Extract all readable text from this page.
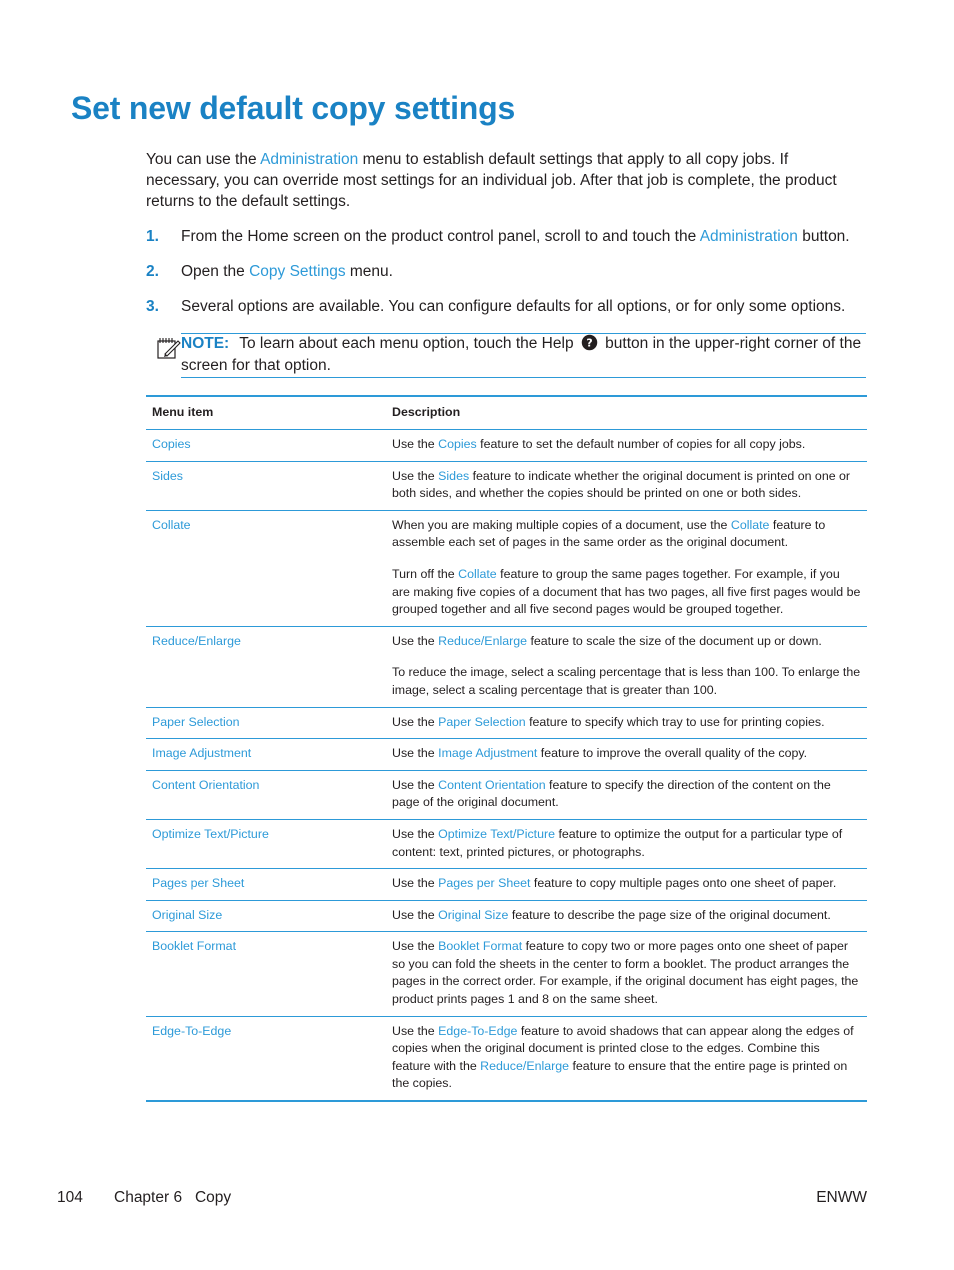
Set new default copy settings

You can use the Administration menu to establish default settings that apply to all copy jobs. If necessary, you can override most settings for an individual job. After that job is complete, the product returns to the default settings.

1. From the Home screen on the product control panel, scroll to and touch the Administration button.
2. Open the Copy Settings menu.
3. Several options are available. You can configure defaults for all options, or for only some options.
NOTE: To learn about each menu option, touch the Help ? button in the upper-right corner of the screen for that option.
Menu item	Description
Copies	Use the Copies feature to set the default number of copies for all copy jobs.

Sides	Use the Sides feature to indicate whether the original document is printed on one or both sides, and whether the copies should be printed on one or both sides.

Collate	When you are making multiple copies of a document, use the Collate feature to assemble each set of pages in the same order as the original document.
Turn off the Collate feature to group the same pages together. For example, if you are making five copies of a document that has two pages, all five first pages would be grouped together and all five second pages would be grouped together.

Reduce/Enlarge	Use the Reduce/Enlarge feature to scale the size of the document up or down.
To reduce the image, select a scaling percentage that is less than 100. To enlarge the image, select a scaling percentage that is greater than 100.

Paper Selection	Use the Paper Selection feature to specify which tray to use for printing copies.

Image Adjustment	Use the Image Adjustment feature to improve the overall quality of the copy.

Content Orientation	Use the Content Orientation feature to specify the direction of the content on the page of the original document.

Optimize Text/Picture	Use the Optimize Text/Picture feature to optimize the output for a particular type of content: text, printed pictures, or photographs.

Pages per Sheet	Use the Pages per Sheet feature to copy multiple pages onto one sheet of paper.

Original Size	Use the Original Size feature to describe the page size of the original document.

Booklet Format	Use the Booklet Format feature to copy two or more pages onto one sheet of paper so you can fold the sheets in the center to form a booklet. The product arranges the pages in the correct order. For example, if the original document has eight pages, the product prints pages 1 and 8 on the same sheet.

Edge-To-Edge	Use the Edge-To-Edge feature to avoid shadows that can appear along the edges of copies when the original document is printed close to the edges. Combine this feature with the Reduce/Enlarge feature to ensure that the entire page is printed on the copies.
104 Chapter 6   Copy	ENWW
